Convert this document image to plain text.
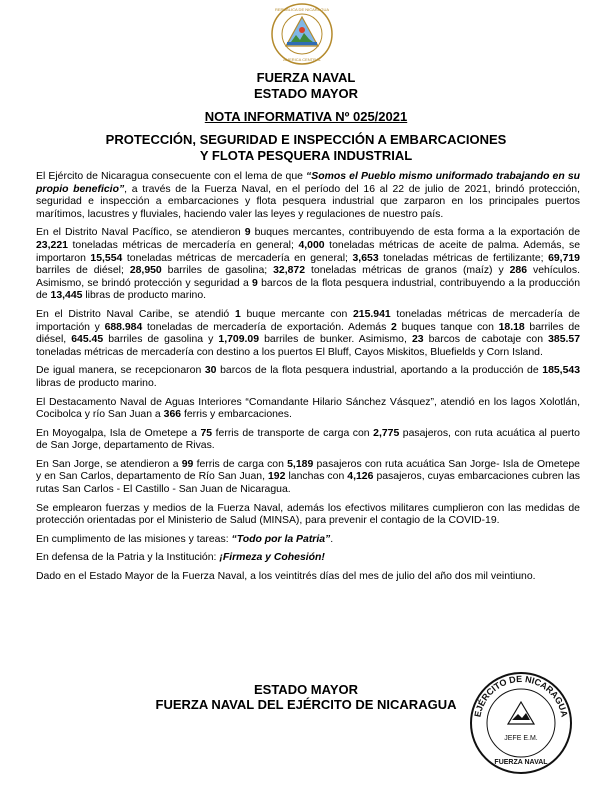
REPUBLICA DE NICARAGUA
AMERICA CENTRAL
FUERZA NAVAL
ESTADO MAYOR
NOTA INFORMATIVA Nº 025/2021
PROTECCIÓN, SEGURIDAD E INSPECCIÓN A EMBARCACIONES
Y FLOTA PESQUERA INDUSTRIAL

El Ejército de Nicaragua consecuente con el lema de que “Somos el Pueblo mismo uniformado trabajando en su propio beneficio”, a través de la Fuerza Naval, en el período del 16 al 22 de julio de 2021, brindó protección, seguridad e inspección a embarcaciones y flota pesquera industrial que zarparon en los principales puertos marítimos, lacustres y fluviales, haciendo valer las leyes y regulaciones de nuestro país.

En el Distrito Naval Pacífico, se atendieron 9 buques mercantes, contribuyendo de esta forma a la exportación de 23,221 toneladas métricas de mercadería en general; 4,000 toneladas métricas de aceite de palma. Además, se importaron 15,554 toneladas métricas de mercadería en general; 3,653 toneladas métricas de fertilizante; 69,719 barriles de diésel; 28,950 barriles de gasolina; 32,872 toneladas métricas de granos (maíz) y 286 vehículos. Asimismo, se brindó protección y seguridad a 9 barcos de la flota pesquera industrial, contribuyendo a la producción de 13,445 libras de producto marino.

En el Distrito Naval Caribe, se atendió 1 buque mercante con 215.941 toneladas métricas de mercadería de importación y 688.984 toneladas de mercadería de exportación. Además 2 buques tanque con 18.18 barriles de diésel, 645.45 barriles de gasolina y 1,709.09 barriles de bunker. Asimismo, 23 barcos de cabotaje con 385.57 toneladas métricas de mercadería con destino a los puertos El Bluff, Cayos Miskitos, Bluefields y Corn Island.

De igual manera, se recepcionaron 30 barcos de la flota pesquera industrial, aportando a la producción de 185,543 libras de producto marino.

El Destacamento Naval de Aguas Interiores “Comandante Hilario Sánchez Vásquez”, atendió en los lagos Xolotlán, Cocibolca y río San Juan a 366 ferris y embarcaciones.

En Moyogalpa, Isla de Ometepe a 75 ferris de transporte de carga con 2,775 pasajeros, con ruta acuática al puerto de San Jorge, departamento de Rivas.

En San Jorge, se atendieron a 99 ferris de carga con 5,189 pasajeros con ruta acuática San Jorge- Isla de Ometepe y en San Carlos, departamento de Río San Juan, 192 lanchas con 4,126 pasajeros, cuyas embarcaciones cubren las rutas San Carlos - El Castillo - San Juan de Nicaragua.

Se emplearon fuerzas y medios de la Fuerza Naval, además los efectivos militares cumplieron con las medidas de protección orientadas por el Ministerio de Salud (MINSA), para prevenir el contagio de la COVID-19.

En cumplimento de las misiones y tareas: “Todo por la Patria”.

En defensa de la Patria y la Institución: ¡Firmeza y Cohesión!

Dado en el Estado Mayor de la Fuerza Naval, a los veintitrés días del mes de julio del año dos mil veintiuno.

ESTADO MAYOR
FUERZA NAVAL DEL EJÉRCITO DE NICARAGUA
EJÉRCITO DE NICARAGUA
JEFE E.M.
FUERZA NAVAL
